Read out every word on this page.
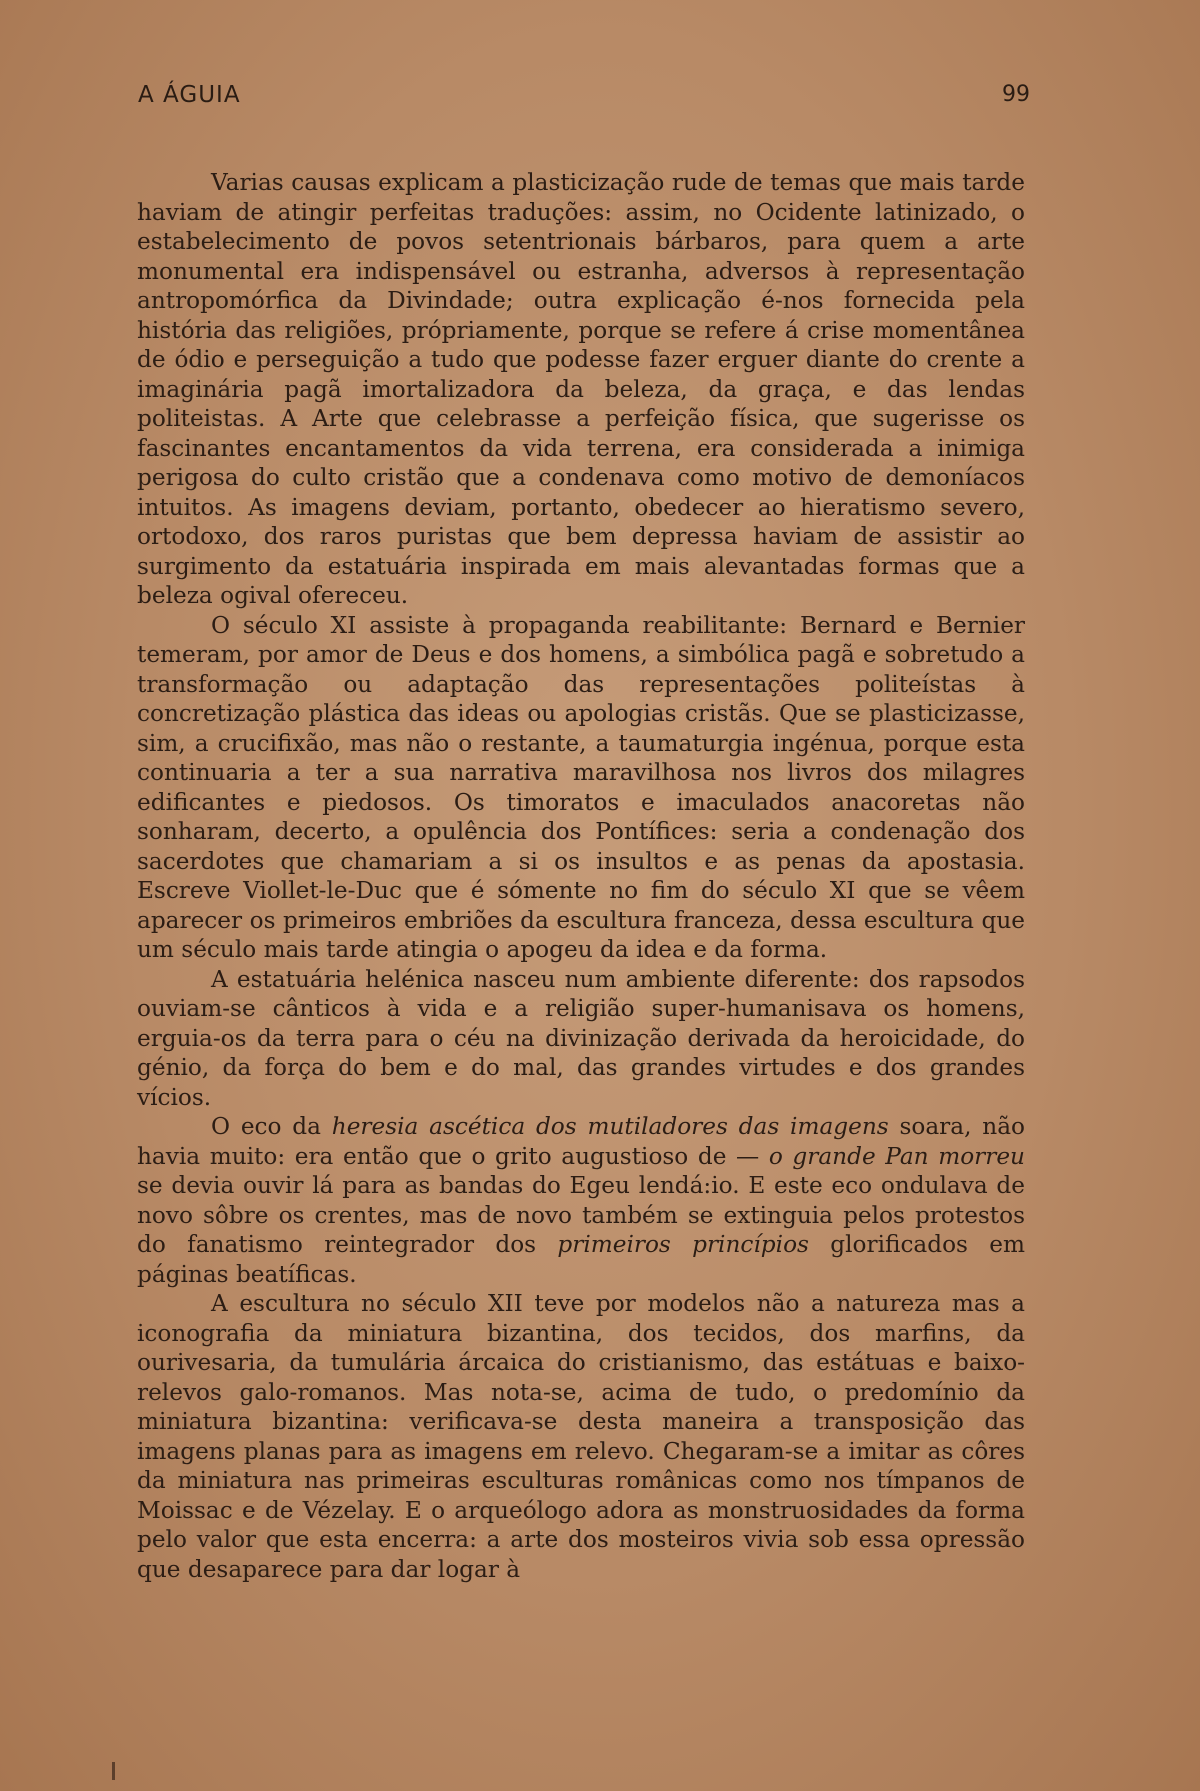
A ÁGUIA	99

Varias causas explicam a plasticização rude de temas que mais tarde haviam de atingir perfeitas traduções: assim, no Ocidente latinizado, o estabelecimento de povos setentrionais bárbaros, para quem a arte monumental era indispensável ou estranha, adversos à representação antropomórfica da Divindade; outra explicação é-nos fornecida pela história das religiões, própriamente, porque se refere á crise momentânea de ódio e perseguição a tudo que podesse fazer erguer diante do crente a imaginária pagã imortalizadora da beleza, da graça, e das lendas politeistas. A Arte que celebrasse a perfeição física, que sugerisse os fascinantes encantamentos da vida terrena, era considerada a inimiga perigosa do culto cristão que a condenava como motivo de demoníacos intuitos. As imagens deviam, portanto, obedecer ao hieratismo severo, ortodoxo, dos raros puristas que bem depressa haviam de assistir ao surgimento da estatuária inspirada em mais alevantadas formas que a beleza ogival ofereceu.

O século XI assiste à propaganda reabilitante: Bernard e Bernier temeram, por amor de Deus e dos homens, a simbólica pagã e sobretudo a transformação ou adaptação das representações politeístas à concretização plástica das ideas ou apologias cristãs. Que se plasticizasse, sim, a crucifixão, mas não o restante, a taumaturgia ingénua, porque esta continuaria a ter a sua narrativa maravilhosa nos livros dos milagres edificantes e piedosos. Os timoratos e imaculados anacoretas não sonharam, decerto, a opulência dos Pontífices: seria a condenação dos sacerdotes que chamariam a si os insultos e as penas da apostasia. Escreve Viollet-le-Duc que é sómente no fim do século XI que se vêem aparecer os primeiros embriões da escultura franceza, dessa escultura que um século mais tarde atingia o apogeu da idea e da forma.

A estatuária helénica nasceu num ambiente diferente: dos rapsodos ouviam-se cânticos à vida e a religião super-humanisava os homens, erguia-os da terra para o céu na divinização derivada da heroicidade, do génio, da força do bem e do mal, das grandes virtudes e dos grandes vícios.

O eco da heresia ascética dos mutiladores das imagens soara, não havia muito: era então que o grito augustioso de — o grande Pan morreu se devia ouvir lá para as bandas do Egeu lendá:io. E este eco ondulava de novo sôbre os crentes, mas de novo também se extinguia pelos protestos do fanatismo reintegrador dos primeiros princípios glorificados em páginas beatíficas.

A escultura no século XII teve por modelos não a natureza mas a iconografia da miniatura bizantina, dos tecidos, dos marfins, da ourivesaria, da tumulária árcaica do cristianismo, das estátuas e baixo-relevos galo-romanos. Mas nota-se, acima de tudo, o predomínio da miniatura bizantina: verificava-se desta maneira a transposição das imagens planas para as imagens em relevo. Chegaram-se a imitar as côres da miniatura nas primeiras esculturas românicas como nos tímpanos de Moissac e de Vézelay. E o arqueólogo adora as monstruosidades da forma pelo valor que esta encerra: a arte dos mosteiros vivia sob essa opressão que desaparece para dar logar à
